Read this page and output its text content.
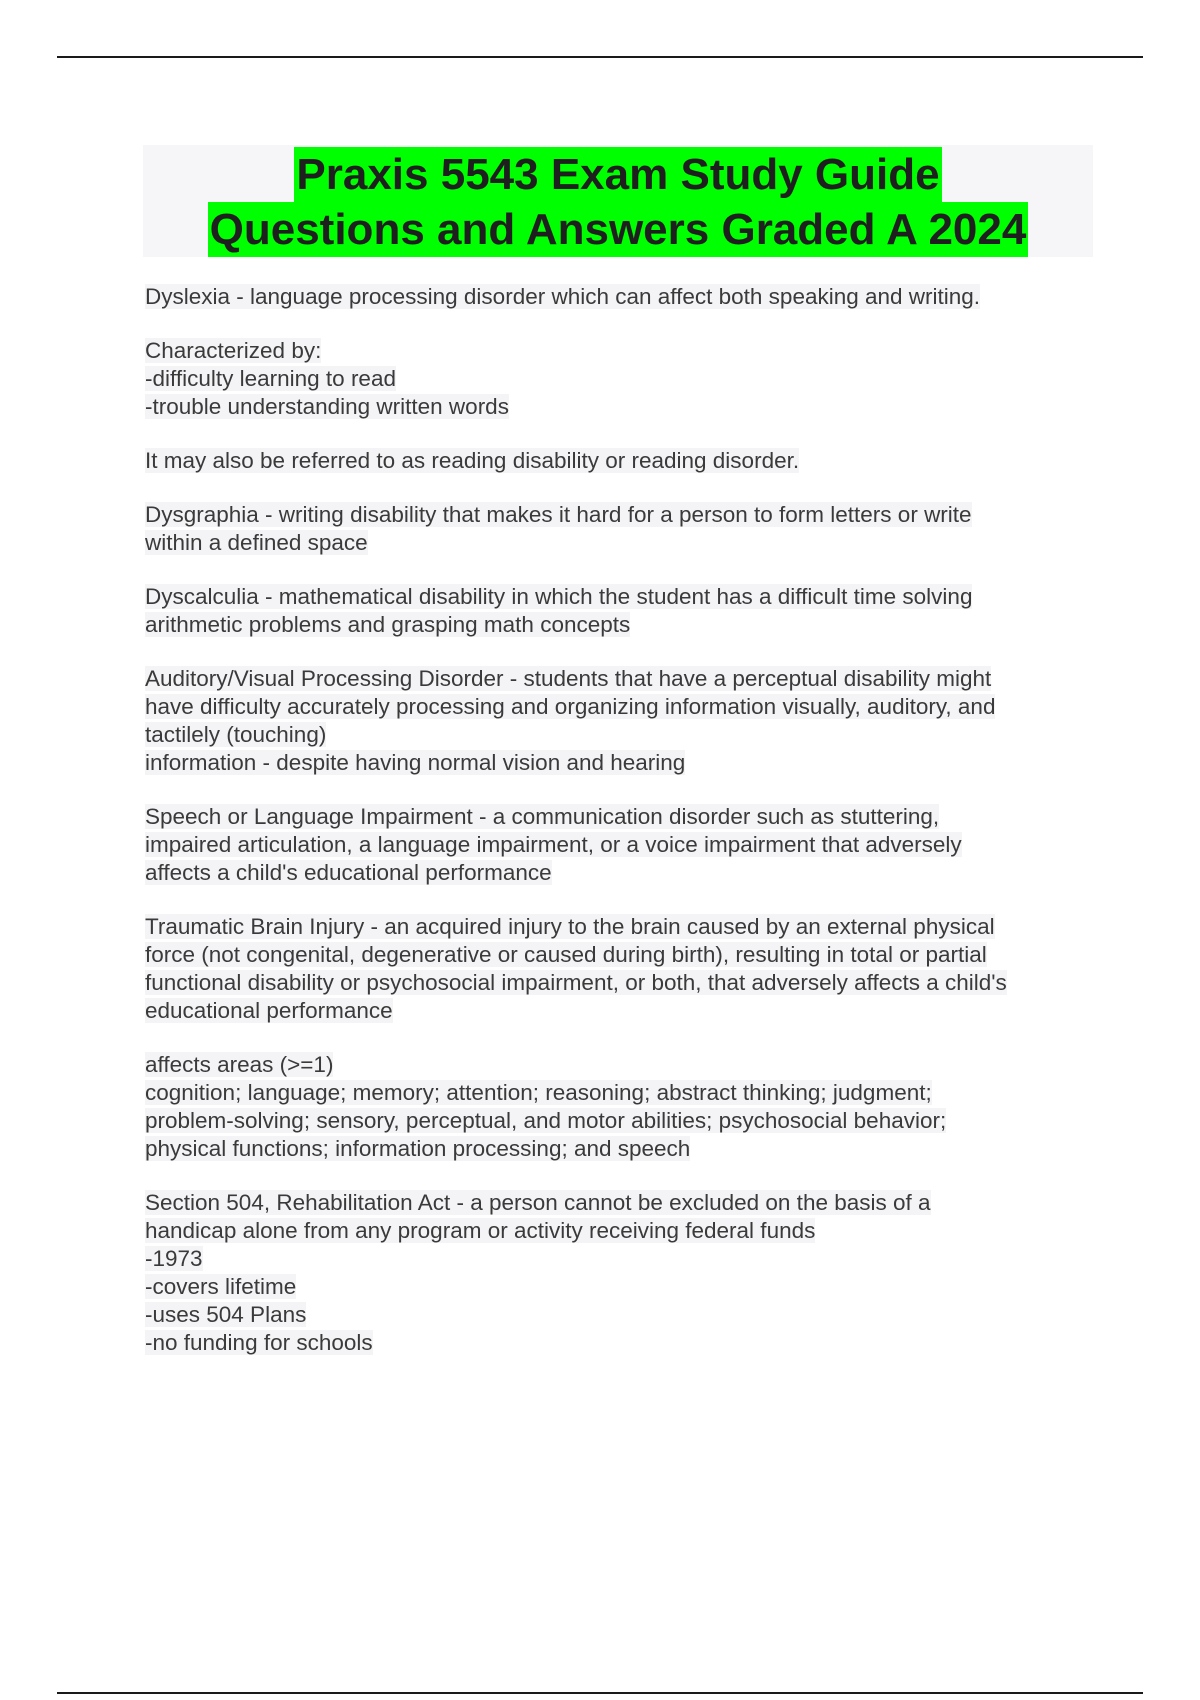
Praxis 5543 Exam Study Guide
Questions and Answers Graded A 2024
Dyslexia - language processing disorder which can affect both speaking and writing.
Characterized by:
-difficulty learning to read
-trouble understanding written words
It may also be referred to as reading disability or reading disorder.
Dysgraphia - writing disability that makes it hard for a person to form letters or write
within a defined space
Dyscalculia - mathematical disability in which the student has a difficult time solving
arithmetic problems and grasping math concepts
Auditory/Visual Processing Disorder - students that have a perceptual disability might
have difficulty accurately processing and organizing information visually, auditory, and
tactilely (touching)
information - despite having normal vision and hearing
Speech or Language Impairment - a communication disorder such as stuttering,
impaired articulation, a language impairment, or a voice impairment that adversely
affects a child's educational performance
Traumatic Brain Injury - an acquired injury to the brain caused by an external physical
force (not congenital, degenerative or caused during birth), resulting in total or partial
functional disability or psychosocial impairment, or both, that adversely affects a child's
educational performance
affects areas (>=1)
cognition; language; memory; attention; reasoning; abstract thinking; judgment;
problem-solving; sensory, perceptual, and motor abilities; psychosocial behavior;
physical functions; information processing; and speech
Section 504, Rehabilitation Act - a person cannot be excluded on the basis of a
handicap alone from any program or activity receiving federal funds
-1973
-covers lifetime
-uses 504 Plans
-no funding for schools
